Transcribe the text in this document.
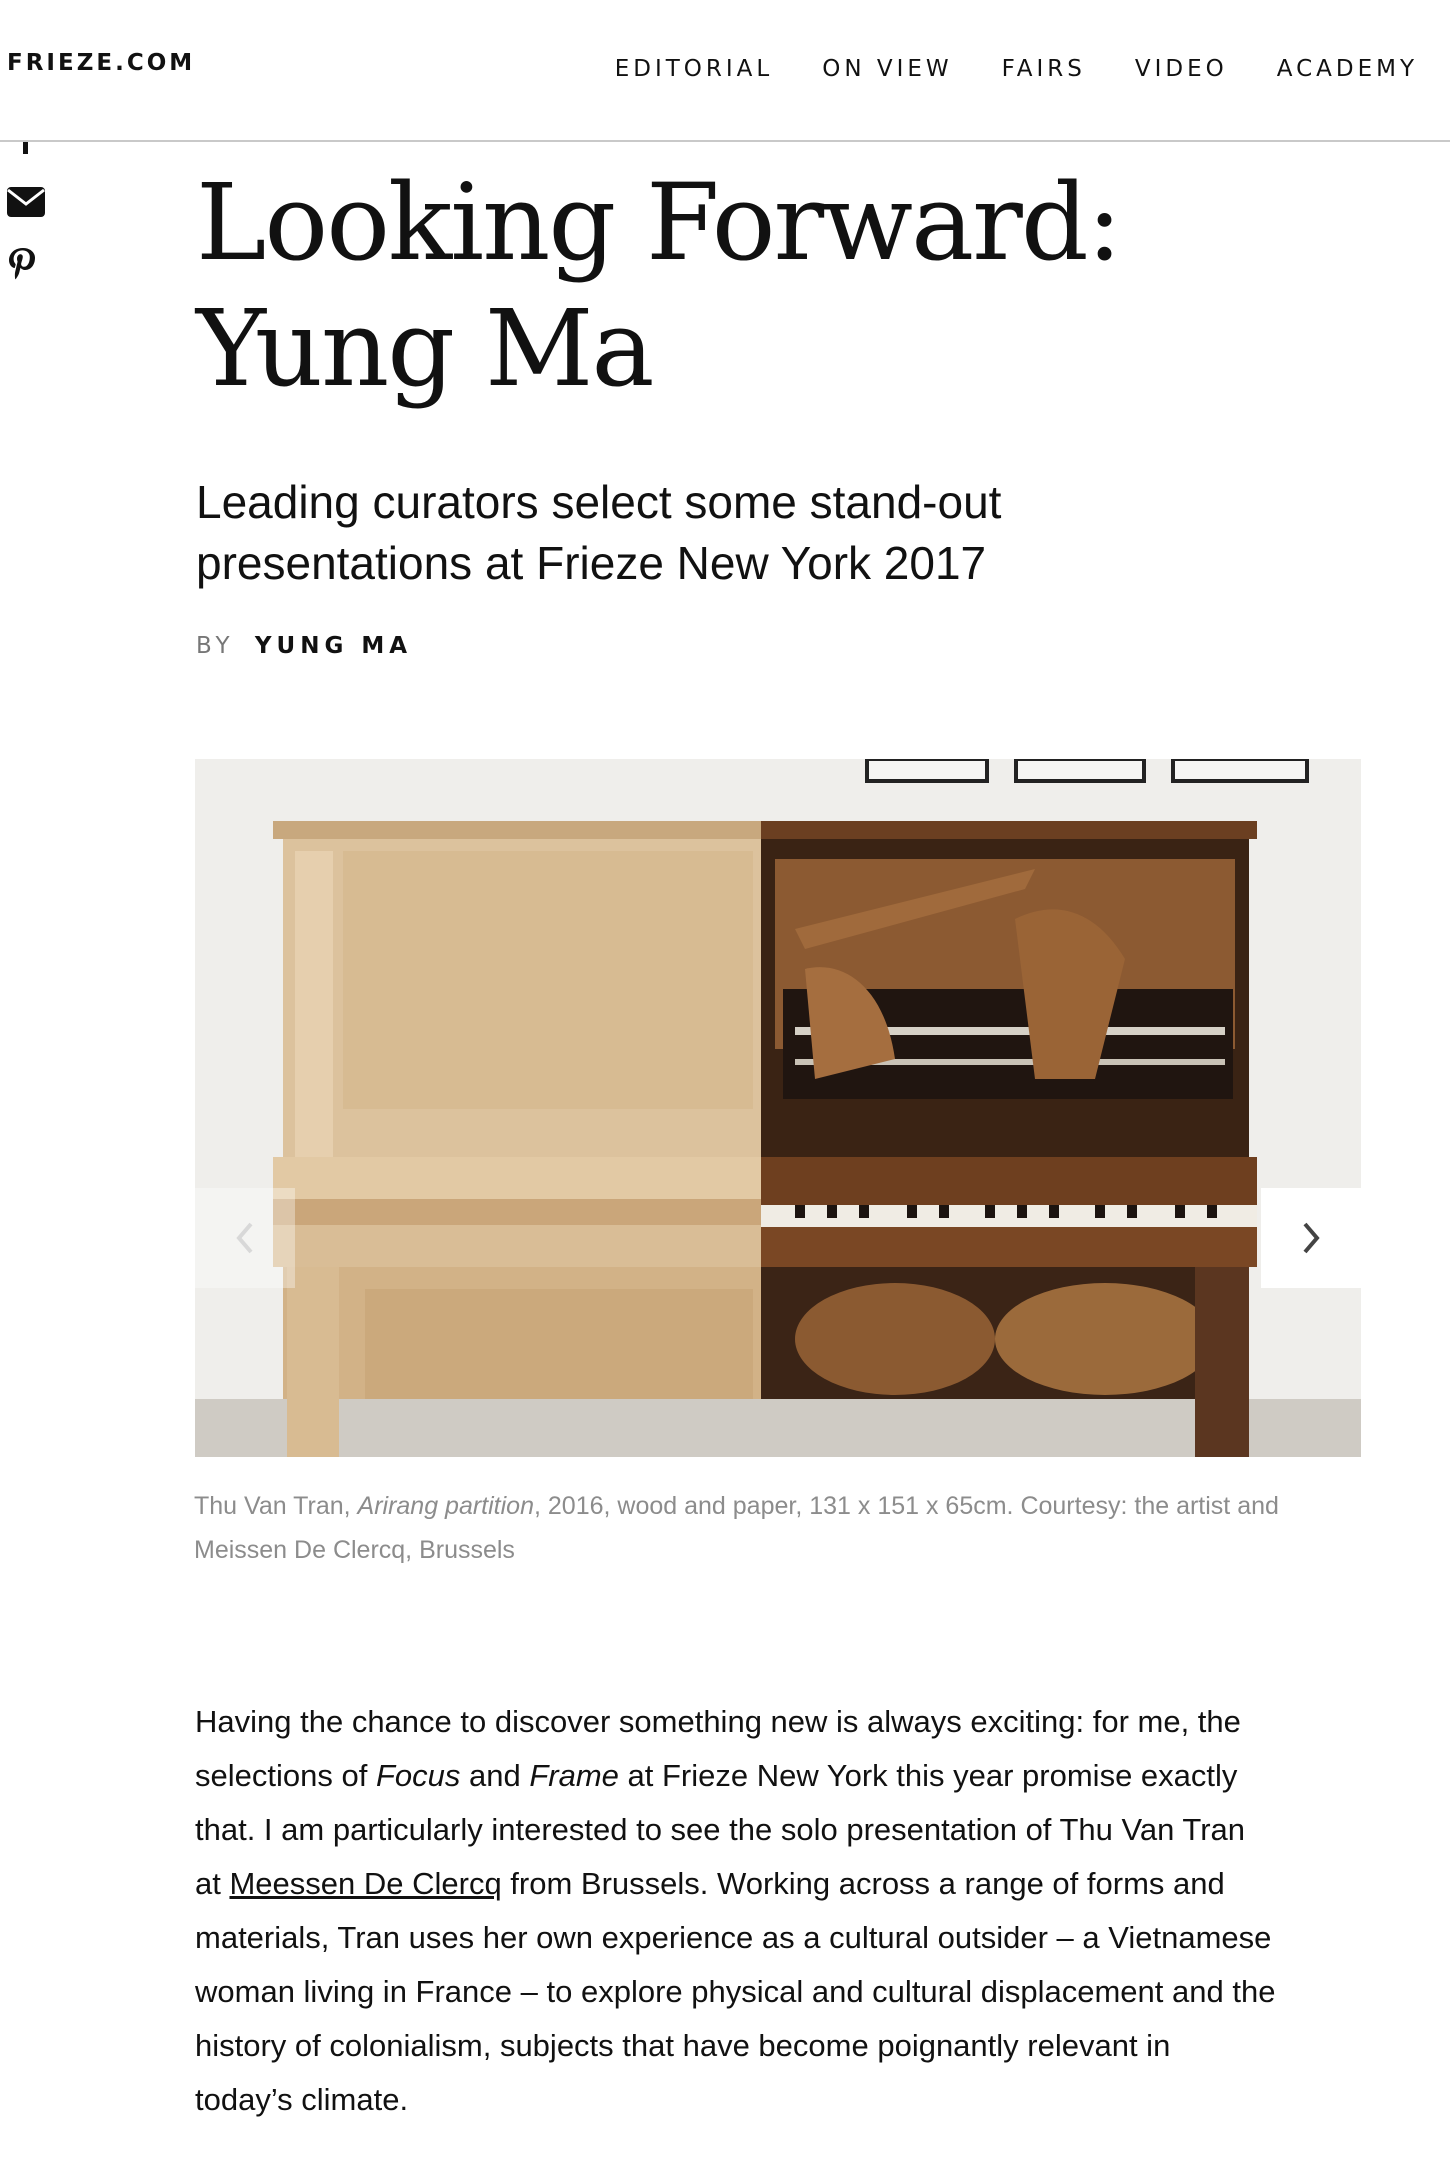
FRIEZE.COM	EDITORIAL ON VIEW FAIRS VIDEO ACADEMY
Looking Forward:
Yung Ma
Leading curators select some stand-out
presentations at Frieze New York 2017
BY YUNG MA

Thu Van Tran, Arirang partition, 2016, wood and paper, 131 x 151 x 65cm. Courtesy: the artist and
Meissen De Clercq, Brussels

Having the chance to discover something new is always exciting: for me, the
selections of Focus and Frame at Frieze New York this year promise exactly
that. I am particularly interested to see the solo presentation of Thu Van Tran
at Meessen De Clercq from Brussels. Working across a range of forms and
materials, Tran uses her own experience as a cultural outsider – a Vietnamese
woman living in France – to explore physical and cultural displacement and the
history of colonialism, subjects that have become poignantly relevant in
today’s climate.
